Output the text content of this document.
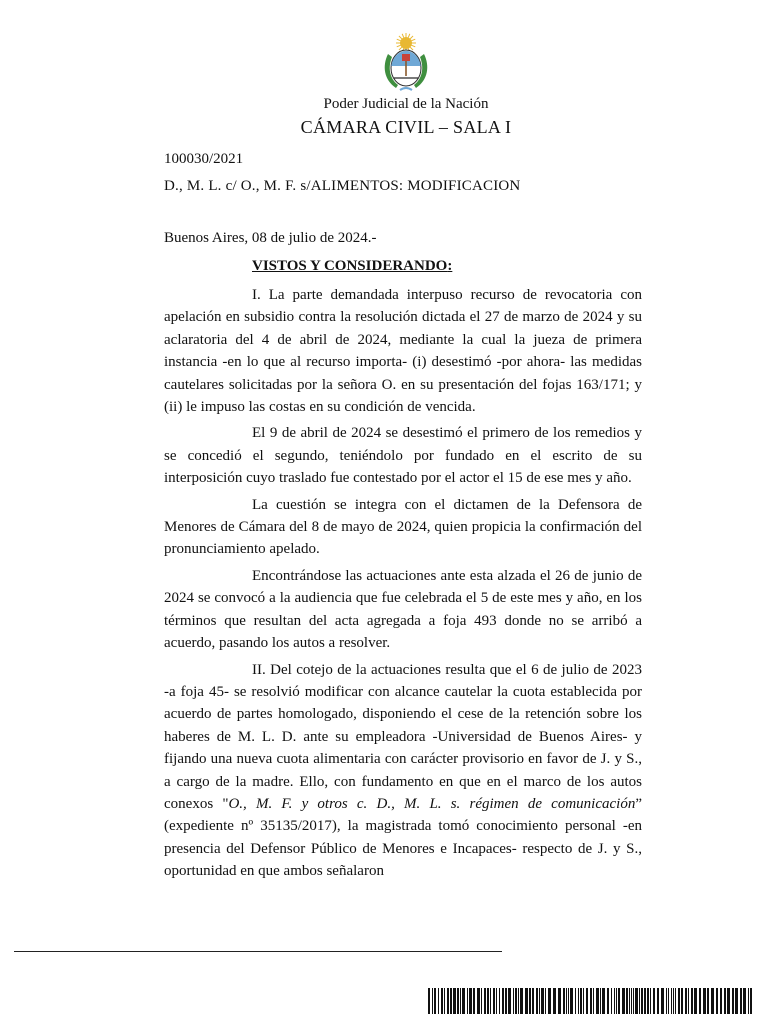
Poder Judicial de la Nación
CÁMARA CIVIL – SALA I
100030/2021
D., M. L. c/ O., M. F. s/ALIMENTOS: MODIFICACION
Buenos Aires, 08 de julio de 2024.-
VISTOS Y CONSIDERANDO:

I. La parte demandada interpuso recurso de revocatoria con apelación en subsidio contra la resolución dictada el 27 de marzo de 2024 y su aclaratoria del 4 de abril de 2024, mediante la cual la jueza de primera instancia -en lo que al recurso importa- (i) desestimó -por ahora- las medidas cautelares solicitadas por la señora O. en su presentación del fojas 163/171; y (ii) le impuso las costas en su condición de vencida.

El 9 de abril de 2024 se desestimó el primero de los remedios y se concedió el segundo, teniéndolo por fundado en el escrito de su interposición cuyo traslado fue contestado por el actor el 15 de ese mes y año.

La cuestión se integra con el dictamen de la Defensora de Menores de Cámara del 8 de mayo de 2024, quien propicia la confirmación del pronunciamiento apelado.

Encontrándose las actuaciones ante esta alzada el 26 de junio de 2024 se convocó a la audiencia que fue celebrada el 5 de este mes y año, en los términos que resultan del acta agregada a foja 493 donde no se arribó a acuerdo, pasando los autos a resolver.

II. Del cotejo de la actuaciones resulta que el 6 de julio de 2023 -a foja 45- se resolvió modificar con alcance cautelar la cuota establecida por acuerdo de partes homologado, disponiendo el cese de la retención sobre los haberes de M. L. D. ante su empleadora -Universidad de Buenos Aires- y fijando una nueva cuota alimentaria con carácter provisorio en favor de J. y S., a cargo de la madre. Ello, con fundamento en que en el marco de los autos conexos "O., M. F. y otros c. D., M. L. s. régimen de comunicación” (expediente nº 35135/2017), la magistrada tomó conocimiento personal -en presencia del Defensor Público de Menores e Incapaces- respecto de J. y S., oportunidad en que ambos señalaron
